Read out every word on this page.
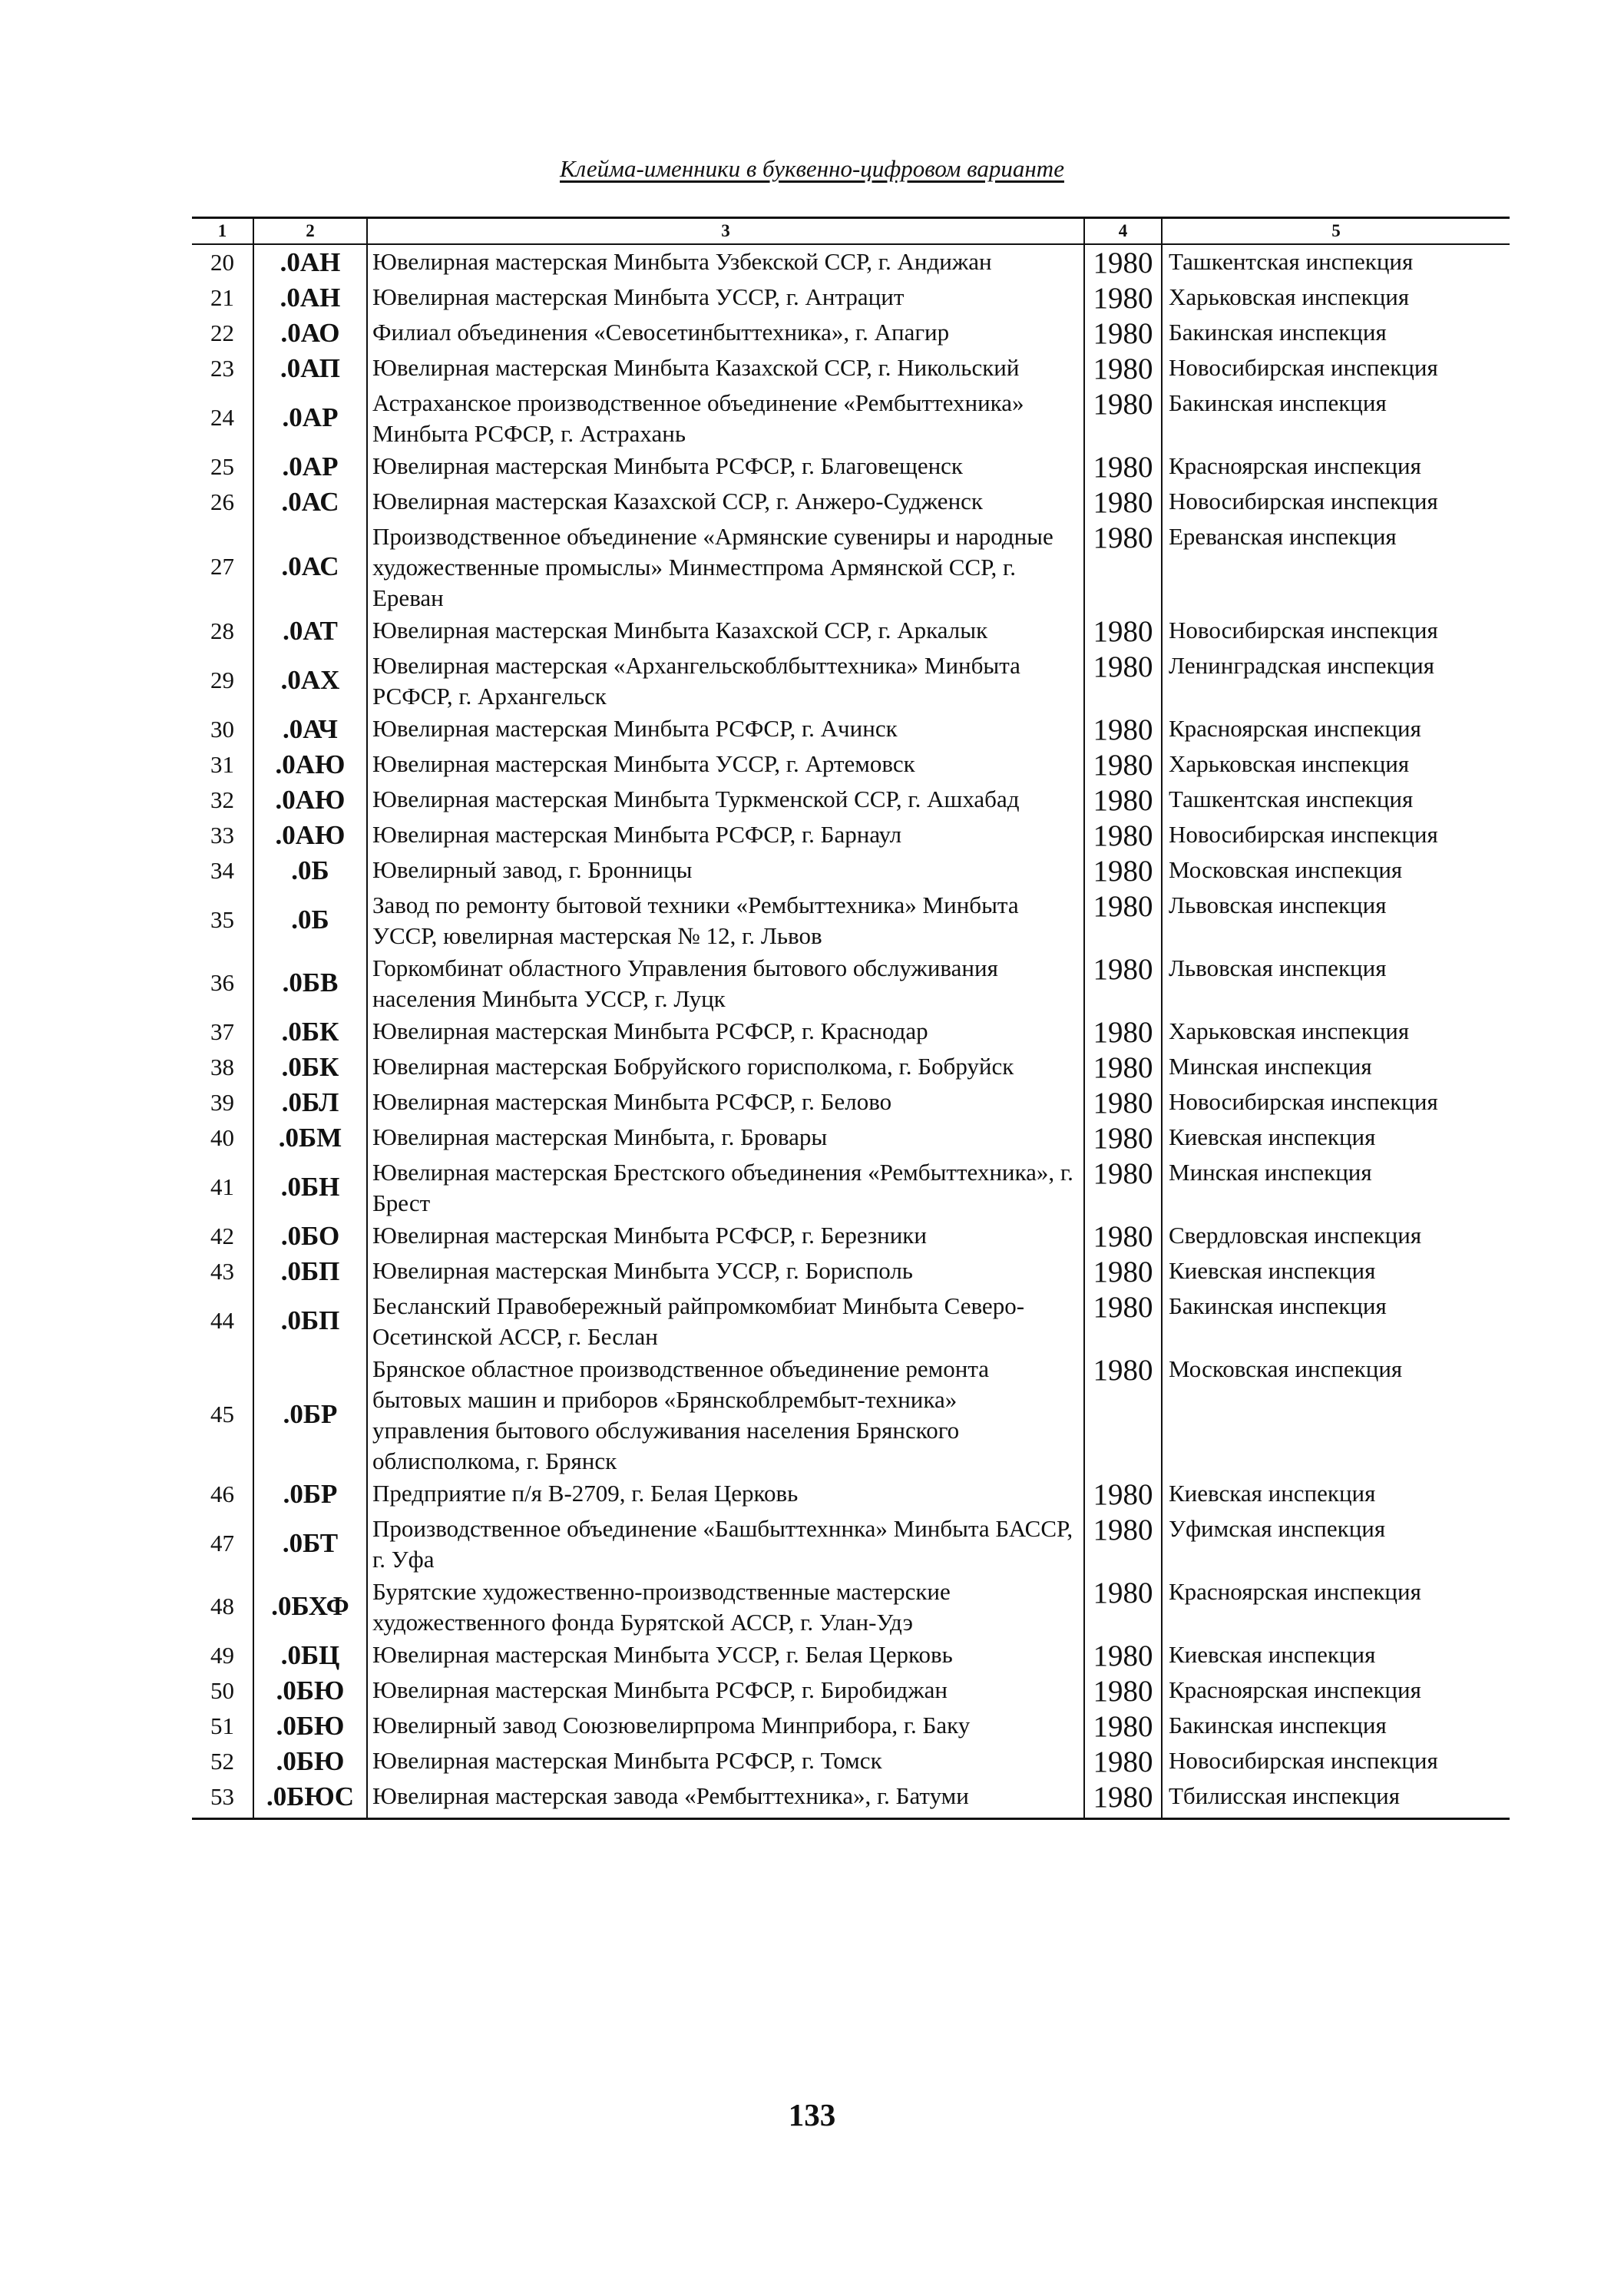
Клейма-именники в буквенно-цифровом варианте
1	2	3	4	5
20	.0АН	Ювелирная мастерская Минбыта Узбекской ССР, г. Андижан	1980	Ташкентская инспекция
21	.0АН	Ювелирная мастерская Минбыта УССР, г. Антрацит	1980	Харьковская инспекция
22	.0АО	Филиал объединения «Севосетинбыттехника», г. Апагир	1980	Бакинская инспекция
23	.0АП	Ювелирная мастерская Минбыта Казахской ССР, г. Никольский	1980	Новосибирская инспекция
24	.0АР	Астраханское производственное объединение «Рембыттехника» Минбыта РСФСР, г. Астрахань	1980	Бакинская инспекция
25	.0АР	Ювелирная мастерская Минбыта РСФСР, г. Благовещенск	1980	Красноярская инспекция
26	.0АС	Ювелирная мастерская Казахской ССР, г. Анжеро-Судженск	1980	Новосибирская инспекция
27	.0АС	Производственное объединение «Армянские сувениры и народные художественные промыслы» Минместпрома Армянской ССР, г. Ереван	1980	Ереванская инспекция
28	.0АТ	Ювелирная мастерская Минбыта Казахской ССР, г. Аркалык	1980	Новосибирская инспекция
29	.0АХ	Ювелирная мастерская «Архангельскоблбыттехника» Минбыта РСФСР, г. Архангельск	1980	Ленинградская инспекция
30	.0АЧ	Ювелирная мастерская Минбыта РСФСР, г. Ачинск	1980	Красноярская инспекция
31	.0АЮ	Ювелирная мастерская Минбыта УССР, г. Артемовск	1980	Харьковская инспекция
32	.0АЮ	Ювелирная мастерская Минбыта Туркменской ССР, г. Ашхабад	1980	Ташкентская инспекция
33	.0АЮ	Ювелирная мастерская Минбыта РСФСР, г. Барнаул	1980	Новосибирская инспекция
34	.0Б	Ювелирный завод, г. Бронницы	1980	Московская инспекция
35	.0Б	Завод по ремонту бытовой техники «Рембыттехника» Минбыта УССР, ювелирная мастерская № 12, г. Львов	1980	Львовская инспекция
36	.0БВ	Горкомбинат областного Управления бытового обслуживания населения Минбыта УССР, г. Луцк	1980	Львовская инспекция
37	.0БК	Ювелирная мастерская Минбыта РСФСР, г. Краснодар	1980	Харьковская инспекция
38	.0БК	Ювелирная мастерская Бобруйского горисполкома, г. Бобруйск	1980	Минская инспекция
39	.0БЛ	Ювелирная мастерская Минбыта РСФСР, г. Белово	1980	Новосибирская инспекция
40	.0БМ	Ювелирная мастерская Минбыта, г. Бровары	1980	Киевская инспекция
41	.0БН	Ювелирная мастерская Брестского объединения «Рембыттехника», г. Брест	1980	Минская инспекция
42	.0БО	Ювелирная мастерская Минбыта РСФСР, г. Березники	1980	Свердловская инспекция
43	.0БП	Ювелирная мастерская Минбыта УССР, г. Борисполь	1980	Киевская инспекция
44	.0БП	Бесланский Правобережный райпромкомбиат Минбыта Северо-Осетинской АССР, г. Беслан	1980	Бакинская инспекция
45	.0БР	Брянское областное производственное объединение ремонта бытовых машин и приборов «Брянскоблрембыт-техника» управления бытового обслуживания населения Брянского облисполкома, г. Брянск	1980	Московская инспекция
46	.0БР	Предприятие п/я В-2709, г. Белая Церковь	1980	Киевская инспекция
47	.0БТ	Производственное объединение «Башбыттехннка» Минбыта БАССР, г. Уфа	1980	Уфимская инспекция
48	.0БХФ	Бурятские художественно-производственные мастерские художественного фонда Бурятской АССР, г. Улан-Удэ	1980	Красноярская инспекция
49	.0БЦ	Ювелирная мастерская Минбыта УССР, г. Белая Церковь	1980	Киевская инспекция
50	.0БЮ	Ювелирная мастерская Минбыта РСФСР, г. Биробиджан	1980	Красноярская инспекция
51	.0БЮ	Ювелирный завод Союзювелирпрома Минприбора, г. Баку	1980	Бакинская инспекция
52	.0БЮ	Ювелирная мастерская Минбыта РСФСР, г. Томск	1980	Новосибирская инспекция
53	.0БЮС	Ювелирная мастерская завода «Рембыттехника», г. Батуми	1980	Тбилисская инспекция
133
